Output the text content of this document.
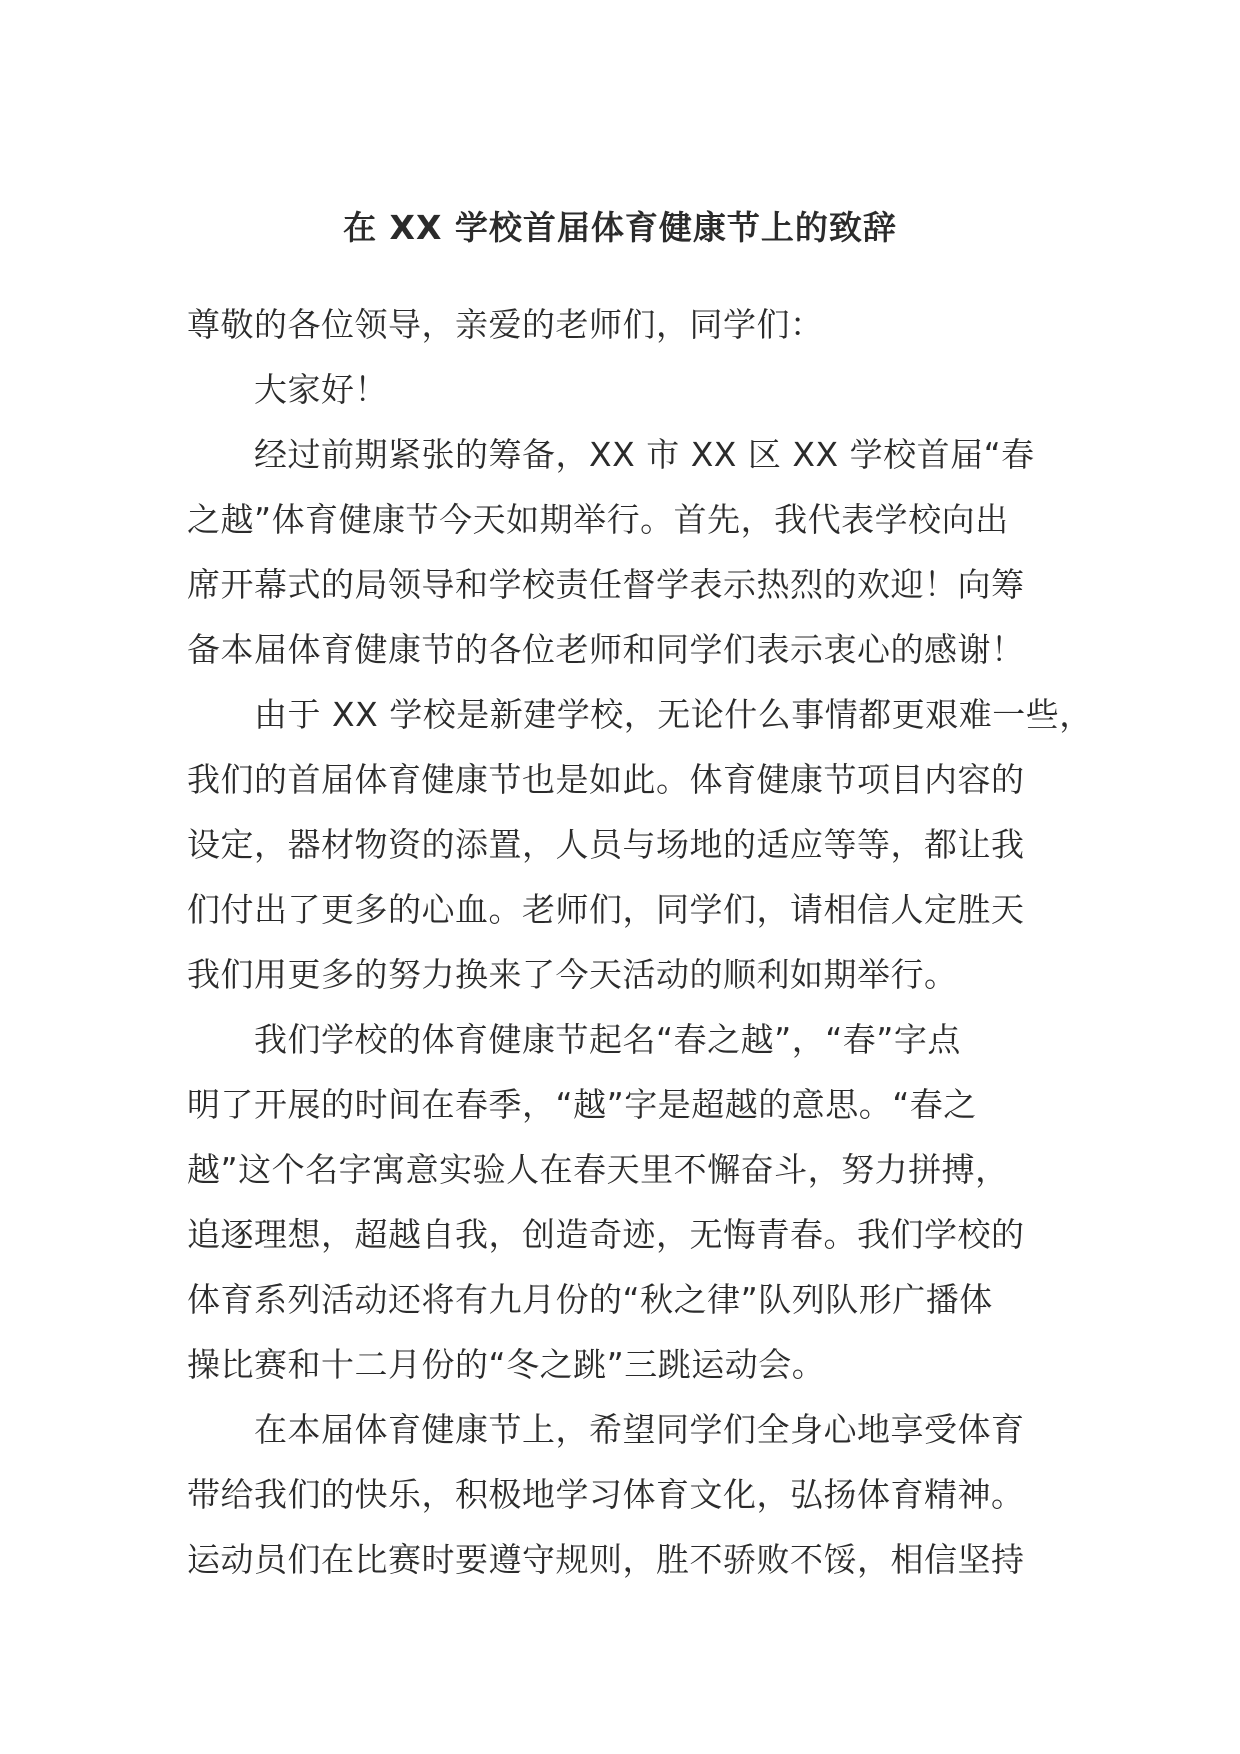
在 XX 学校首届体育健康节上的致辞
尊敬的各位领导，亲爱的老师们，同学们：
大家好！
经过前期紧张的筹备，XX 市 XX 区 XX 学校首届“春
之越”体育健康节今天如期举行。首先，我代表学校向出
席开幕式的局领导和学校责任督学表示热烈的欢迎！向筹
备本届体育健康节的各位老师和同学们表示衷心的感谢！
由于 XX 学校是新建学校，无论什么事情都更艰难一些，
我们的首届体育健康节也是如此。体育健康节项目内容的
设定，器材物资的添置，人员与场地的适应等等，都让我
们付出了更多的心血。老师们，同学们，请相信人定胜天
我们用更多的努力换来了今天活动的顺利如期举行。
我们学校的体育健康节起名“春之越”，“春”字点
明了开展的时间在春季，“越”字是超越的意思。“春之
越”这个名字寓意实验人在春天里不懈奋斗，努力拼搏，
追逐理想，超越自我，创造奇迹，无悔青春。我们学校的
体育系列活动还将有九月份的“秋之律”队列队形广播体
操比赛和十二月份的“冬之跳”三跳运动会。
在本届体育健康节上，希望同学们全身心地享受体育
带给我们的快乐，积极地学习体育文化，弘扬体育精神。
运动员们在比赛时要遵守规则，胜不骄败不馁，相信坚持
